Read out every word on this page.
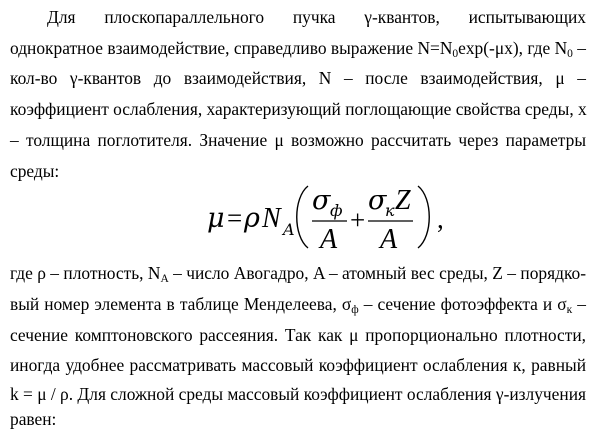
Для плоскопараллельного пучка γ-квантов, испытывающих
однократное взаимодействие, справедливо выражение $N=N_0\exp(-\mu x)$, где $N_0$ –
кол-во γ-квантов до взаимодействия, N – после взаимодействия, μ –
коэффициент ослабления, характеризующий поглощающие свойства среды, x
– толщина поглотителя. Значение μ возможно рассчитать через параметры
среды:
μ = ρ N A
σ ф
A
+
σ
к Z
A
,
где ρ – плотность, $N_A$ – число Авогадро, A – атомный вес среды, Z – порядко-
вый номер элемента в таблице Менделеева, $\sigma_ф$ – сечение фотоэффекта и $\sigma_к$ –
сечение комптоновского рассеяния. Так как μ пропорционально плотности,
иногда удобнее рассматривать массовый коэффициент ослабления к, равный
k = μ / ρ. Для сложной среды массовый коэффициент ослабления γ-излучения
равен:
